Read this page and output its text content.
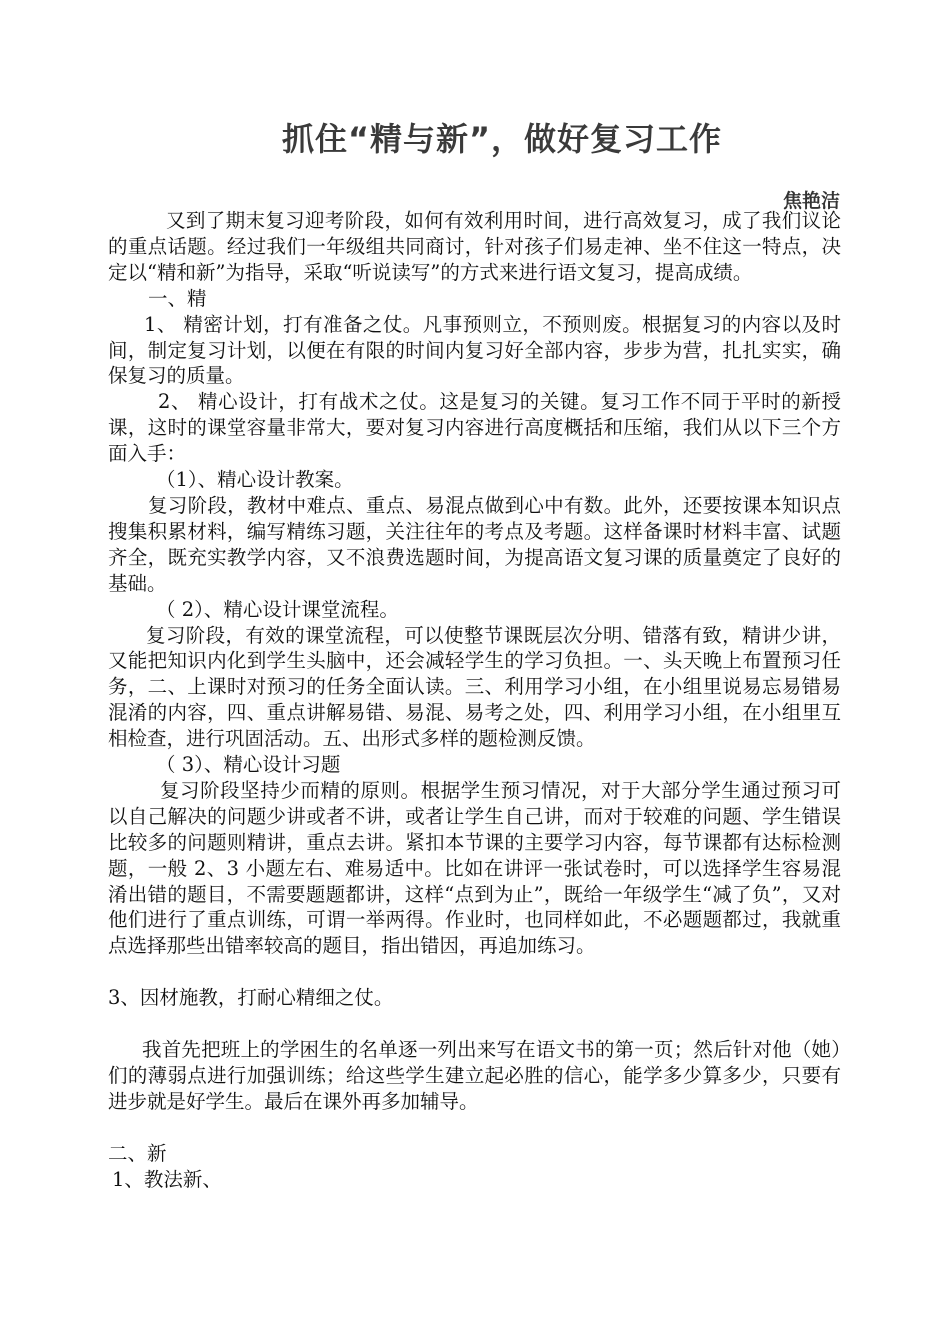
抓住“精与新”，做好复习工作
焦艳洁

又到了期末复习迎考阶段，如何有效利用时间，进行高效复习，成了我们议论的重点话题。经过我们一年级组共同商讨，针对孩子们易走神、坐不住这一特点，决定以“精和新”为指导，采取“听说读写”的方式来进行语文复习，提高成绩。

一、精

1、 精密计划，打有准备之仗。凡事预则立，不预则废。根据复习的内容以及时间，制定复习计划，以便在有限的时间内复习好全部内容，步步为营，扎扎实实，确保复习的质量。

2、 精心设计，打有战术之仗。这是复习的关键。复习工作不同于平时的新授课，这时的课堂容量非常大，要对复习内容进行高度概括和压缩，我们从以下三个方面入手：

（1）、精心设计教案。

复习阶段，教材中难点、重点、易混点做到心中有数。此外，还要按课本知识点搜集积累材料，编写精练习题，关注往年的考点及考题。这样备课时材料丰富、试题齐全，既充实教学内容，又不浪费选题时间，为提高语文复习课的质量奠定了良好的基础。

（ 2）、精心设计课堂流程。

复习阶段，有效的课堂流程，可以使整节课既层次分明、错落有致，精讲少讲，又能把知识内化到学生头脑中，还会减轻学生的学习负担。一、头天晚上布置预习任务，二、上课时对预习的任务全面认读。三、利用学习小组，在小组里说易忘易错易混淆的内容，四、重点讲解易错、易混、易考之处，四、利用学习小组，在小组里互相检查，进行巩固活动。五、出形式多样的题检测反馈。

（ 3）、精心设计习题

复习阶段坚持少而精的原则。根据学生预习情况，对于大部分学生通过预习可以自己解决的问题少讲或者不讲，或者让学生自己讲，而对于较难的问题、学生错误比较多的问题则精讲，重点去讲。紧扣本节课的主要学习内容，每节课都有达标检测题，一般 2、3 小题左右、难易适中。比如在讲评一张试卷时，可以选择学生容易混淆出错的题目，不需要题题都讲，这样“点到为止”，既给一年级学生“减了负”，又对他们进行了重点训练，可谓一举两得。作业时，也同样如此，不必题题都过，我就重点选择那些出错率较高的题目，指出错因，再追加练习。

3、因材施教，打耐心精细之仗。

我首先把班上的学困生的名单逐一列出来写在语文书的第一页；然后针对他（她）们的薄弱点进行加强训练；给这些学生建立起必胜的信心，能学多少算多少，只要有进步就是好学生。最后在课外再多加辅导。

二、新

1、教法新、
